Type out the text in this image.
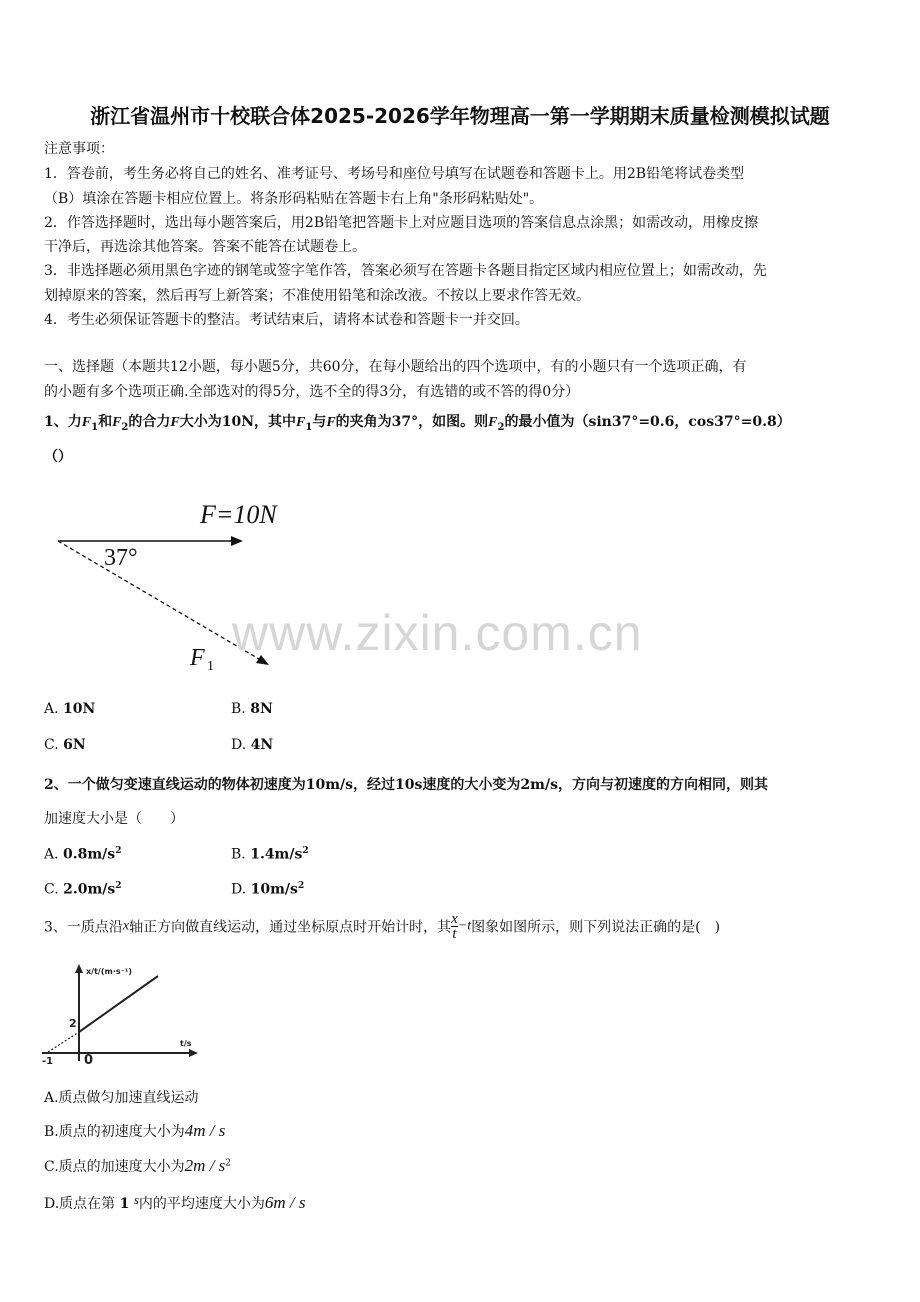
浙江省温州市十校联合体2025-2026学年物理高一第一学期期末质量检测模拟试题
注意事项：
1．答卷前，考生务必将自己的姓名、准考证号、考场号和座位号填写在试题卷和答题卡上。用2B铅笔将试卷类型
（B）填涂在答题卡相应位置上。将条形码粘贴在答题卡右上角"条形码粘贴处"。
2．作答选择题时，选出每小题答案后，用2B铅笔把答题卡上对应题目选项的答案信息点涂黑；如需改动，用橡皮擦
干净后，再选涂其他答案。答案不能答在试题卷上。
3．非选择题必须用黑色字迹的钢笔或签字笔作答，答案必须写在答题卡各题目指定区域内相应位置上；如需改动，先
划掉原来的答案，然后再写上新答案；不准使用铅笔和涂改液。不按以上要求作答无效。
4．考生必须保证答题卡的整洁。考试结束后，请将本试卷和答题卡一并交回。
一、选择题（本题共12小题，每小题5分，共60分，在每小题给出的四个选项中，有的小题只有一个选项正确，有
的小题有多个选项正确.全部选对的得5分，选不全的得3分，有选错的或不答的得0分）
1、力$F_1$和$F_2$的合力F大小为10N，其中$F_1$与F的夹角为37°，如图。则$F_2$的最小值为（sin37°=0.6，cos37°=0.8）
（）
F=10N
37°
F 1
www.zixin.com.cn
A. 10N	B. 8N
C. 6N	D. 4N
2、一个做匀变速直线运动的物体初速度为10m/s，经过10s速度的大小变为2m/s，方向与初速度的方向相同，则其
加速度大小是（　　）
A. $0.8m/s^2$	B. $1.4m/s^2$
C. $2.0m/s^2$	D. $10m/s^2$
3、一质点沿x轴正方向做直线运动，通过坐标原点时开始计时，其 $\frac{x}{t} -t$图象如图所示，则下列说法正确的是(　)
x/t/(m·s⁻¹)
t/s
2
-1 0
A.质点做匀加速直线运动
B.质点的初速度大小为4m / s
C.质点的加速度大小为$2m / s^2$
D.质点在第 1 s内的平均速度大小为6m / s
